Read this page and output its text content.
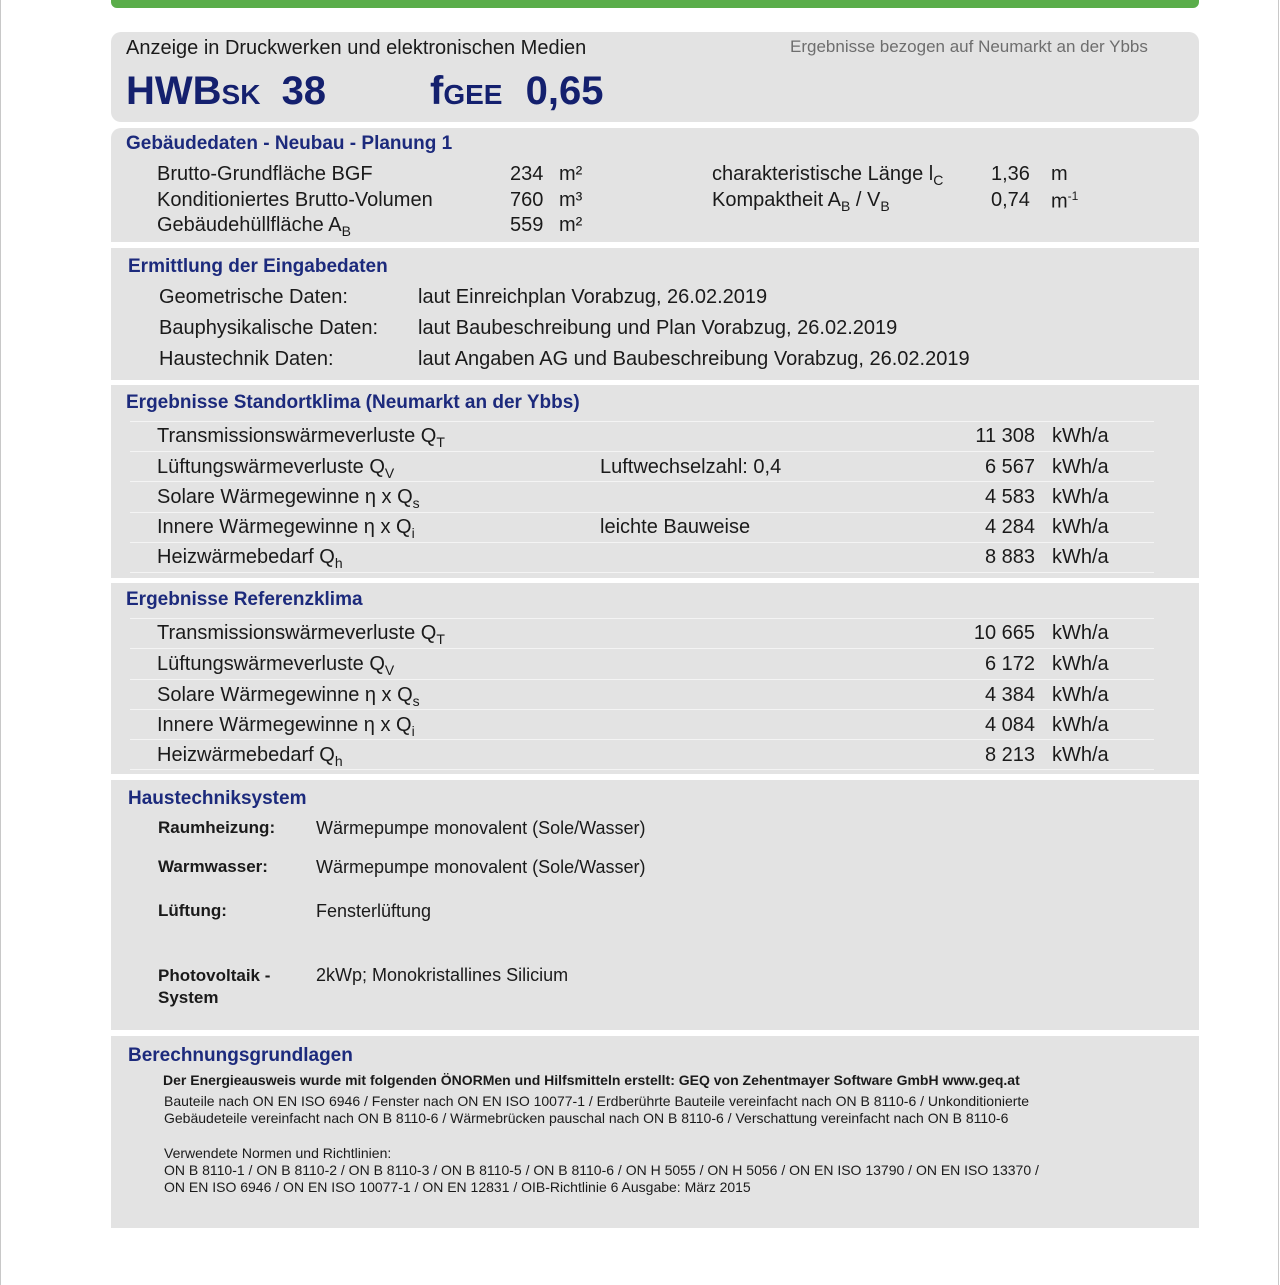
Anzeige in Druckwerken und elektronischen Medien	Ergebnisse bezogen auf Neumarkt an der Ybbs
HWBSK 38	fGEE 0,65
Gebäudedaten - Neubau - Planung 1
Brutto-Grundfläche BGF	234 m²
Konditioniertes Brutto-Volumen	760 m³
Gebäudehüllfläche $A_B$	559 m²
charakteristische Länge $l_C$ 1,36 m
Kompaktheit $A_B / V_B$	0,74 $m^{-1}$
Ermittlung der Eingabedaten
Geometrische Daten:	laut Einreichplan Vorabzug, 26.02.2019
Bauphysikalische Daten: laut Baubeschreibung und Plan Vorabzug, 26.02.2019
Haustechnik Daten:	laut Angaben AG und Baubeschreibung Vorabzug, 26.02.2019
Ergebnisse Standortklima (Neumarkt an der Ybbs)
Transmissionswärmeverluste $Q_T$	11 308 kWh/a
Lüftungswärmeverluste $Q_V$	Luftwechselzahl: 0,4	6 567 kWh/a
Solare Wärmegewinne η x $Q_s$	4 583 kWh/a
Innere Wärmegewinne η x $Q_i$	leichte Bauweise	4 284 kWh/a
Heizwärmebedarf $Q_h$	8 883 kWh/a
Ergebnisse Referenzklima
Transmissionswärmeverluste $Q_T$	10 665 kWh/a
Lüftungswärmeverluste $Q_V$	6 172 kWh/a
Solare Wärmegewinne η x $Q_s$	4 384 kWh/a
Innere Wärmegewinne η x $Q_i$	4 084 kWh/a
Heizwärmebedarf $Q_h$	8 213 kWh/a
Haustechniksystem
Raumheizung: Wärmepumpe monovalent (Sole/Wasser)
Warmwasser:	Wärmepumpe monovalent (Sole/Wasser)
Lüftung:	Fensterlüftung
Photovoltaik -
System
2kWp; Monokristallines Silicium
Berechnungsgrundlagen
Der Energieausweis wurde mit folgenden ÖNORMen und Hilfsmitteln erstellt: GEQ von Zehentmayer Software GmbH www.geq.at
Bauteile nach ON EN ISO 6946 / Fenster nach ON EN ISO 10077-1 / Erdberührte Bauteile vereinfacht nach ON B 8110-6 / Unkonditionierte
Gebäudeteile vereinfacht nach ON B 8110-6 / Wärmebrücken pauschal nach ON B 8110-6 / Verschattung vereinfacht nach ON B 8110-6
Verwendete Normen und Richtlinien:
ON B 8110-1 / ON B 8110-2 / ON B 8110-3 / ON B 8110-5 / ON B 8110-6 / ON H 5055 / ON H 5056 / ON EN ISO 13790 / ON EN ISO 13370 /
ON EN ISO 6946 / ON EN ISO 10077-1 / ON EN 12831 / OIB-Richtlinie 6 Ausgabe: März 2015
